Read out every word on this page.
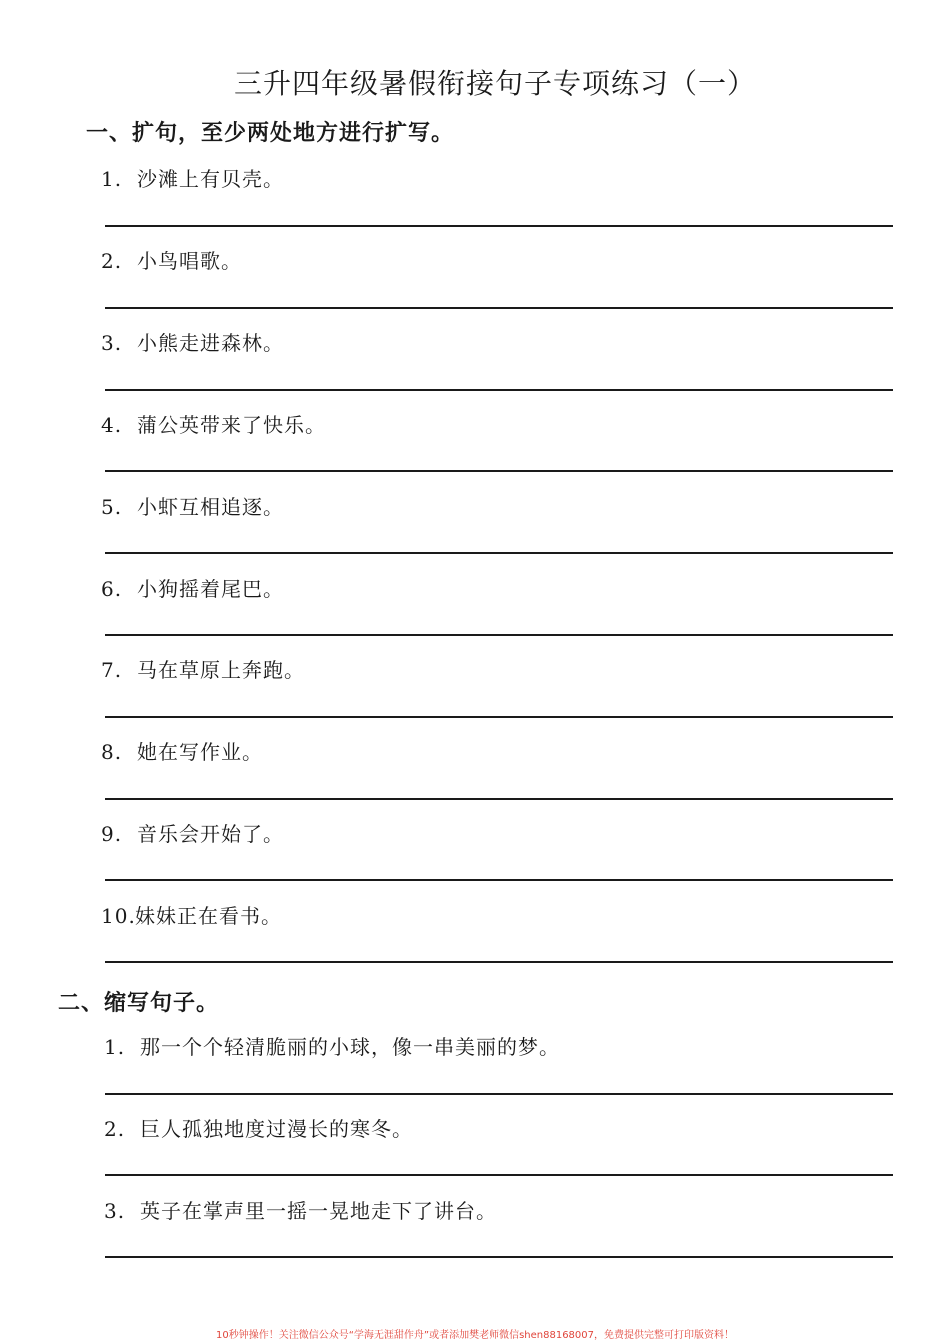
三升四年级暑假衔接句子专项练习（一）
一、扩句，至少两处地方进行扩写。
1. 沙滩上有贝壳。
2. 小鸟唱歌。
3. 小熊走进森林。
4. 蒲公英带来了快乐。
5. 小虾互相追逐。
6. 小狗摇着尾巴。
7. 马在草原上奔跑。
8. 她在写作业。
9. 音乐会开始了。
10.妹妹正在看书。
二、缩写句子。
1. 那一个个轻清脆丽的小球，像一串美丽的梦。
2. 巨人孤独地度过漫长的寒冬。
3. 英子在掌声里一摇一晃地走下了讲台。
10秒钟操作！关注微信公众号“学海无涯甜作舟”或者添加樊老师微信shen88168007，免费提供完整可打印版资料！
